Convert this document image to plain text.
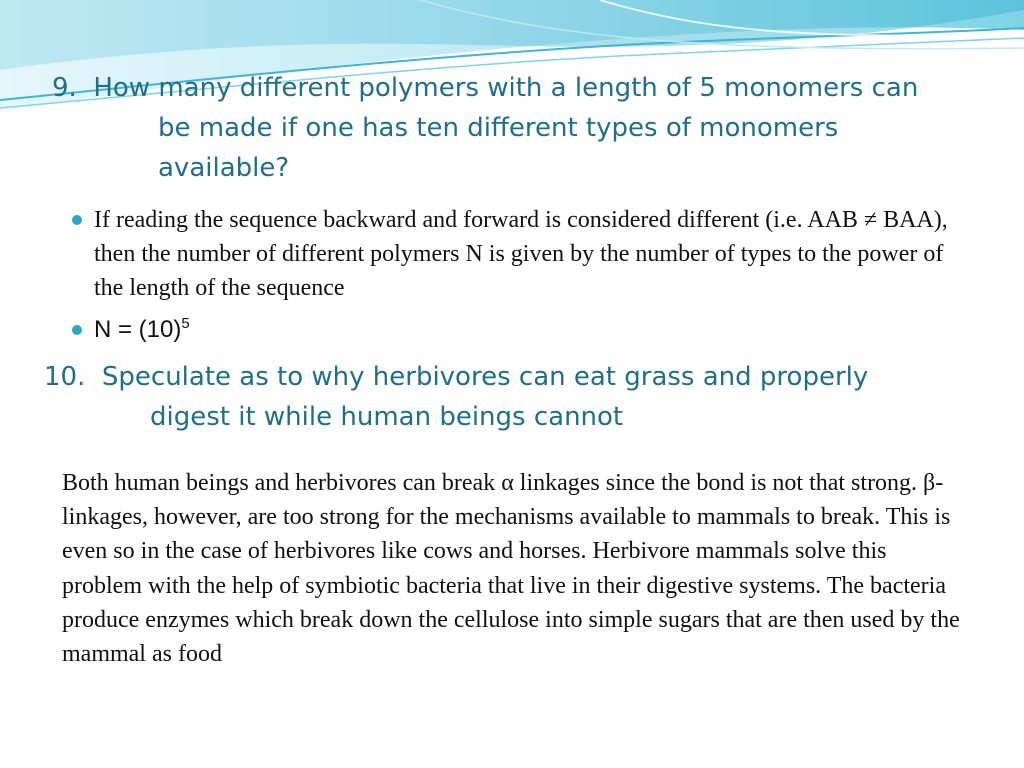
9. How many different polymers with a length of 5 monomers can
be made if one has ten different types of monomers
available?
If reading the sequence backward and forward is considered different (i.e. AAB ≠ BAA), then the number of different polymers N is given by the number of types to the power of the length of the sequence
$N = (10)^5$
10. Speculate as to why herbivores can eat grass and properly
digest it while human beings cannot
Both human beings and herbivores can break α linkages since the bond is not that strong. β-linkages, however, are too strong for the mechanisms available to mammals to break. This is even so in the case of herbivores like cows and horses. Herbivore mammals solve this problem with the help of symbiotic bacteria that live in their digestive systems. The bacteria produce enzymes which break down the cellulose into simple sugars that are then used by the mammal as food
